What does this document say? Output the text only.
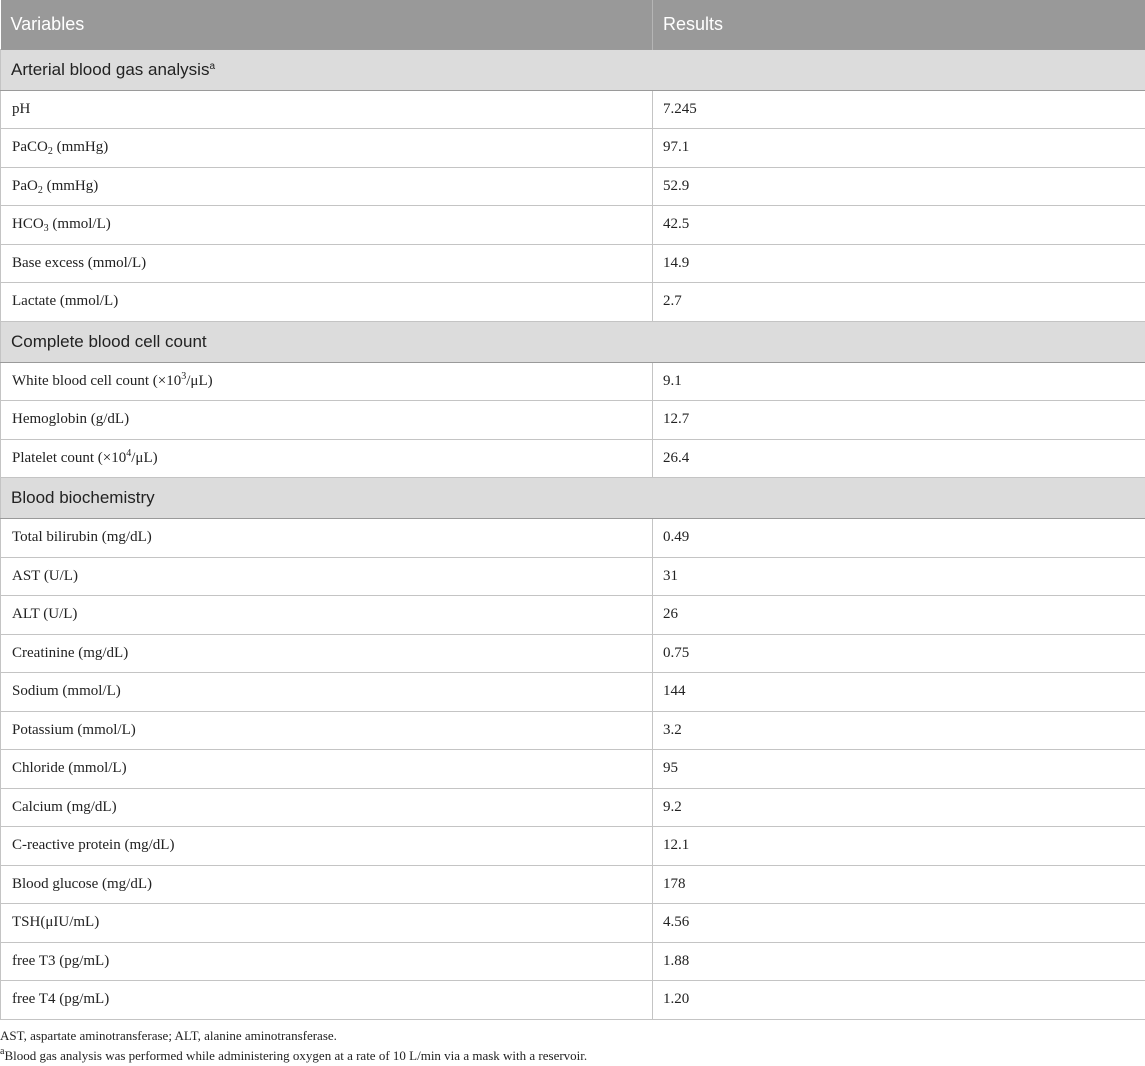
Variables	Results
Arterial blood gas analysis$^a$
pH	7.245
PaCO$_2$ (mmHg)	97.1
PaO$_2$ (mmHg)	52.9
$HCO_3$ (mmol/L)	42.5
Base excess (mmol/L)	14.9
Lactate (mmol/L)	2.7
Complete blood cell count	
White blood cell count $(\times 10^3/\mu L)$	9.1
Hemoglobin (g/dL)	12.7
Platelet count $(\times 10^4/\mu L)$	26.4
Blood biochemistry	
Total bilirubin (mg/dL)	0.49
AST (U/L)	31
ALT (U/L)	26
Creatinine (mg/dL)	0.75
Sodium (mmol/L)	144
Potassium (mmol/L)	3.2
Chloride (mmol/L)	95
Calcium (mg/dL)	9.2
C-reactive protein (mg/dL)	12.1
Blood glucose (mg/dL)	178
TSH(μIU/mL)	4.56
free T3 (pg/mL)	1.88
free T4 (pg/mL)	1.20
AST, aspartate aminotransferase; ALT, alanine aminotransferase.
$^a$Blood gas analysis was performed while administering oxygen at a rate of 10 L/min via a mask with a reservoir.
